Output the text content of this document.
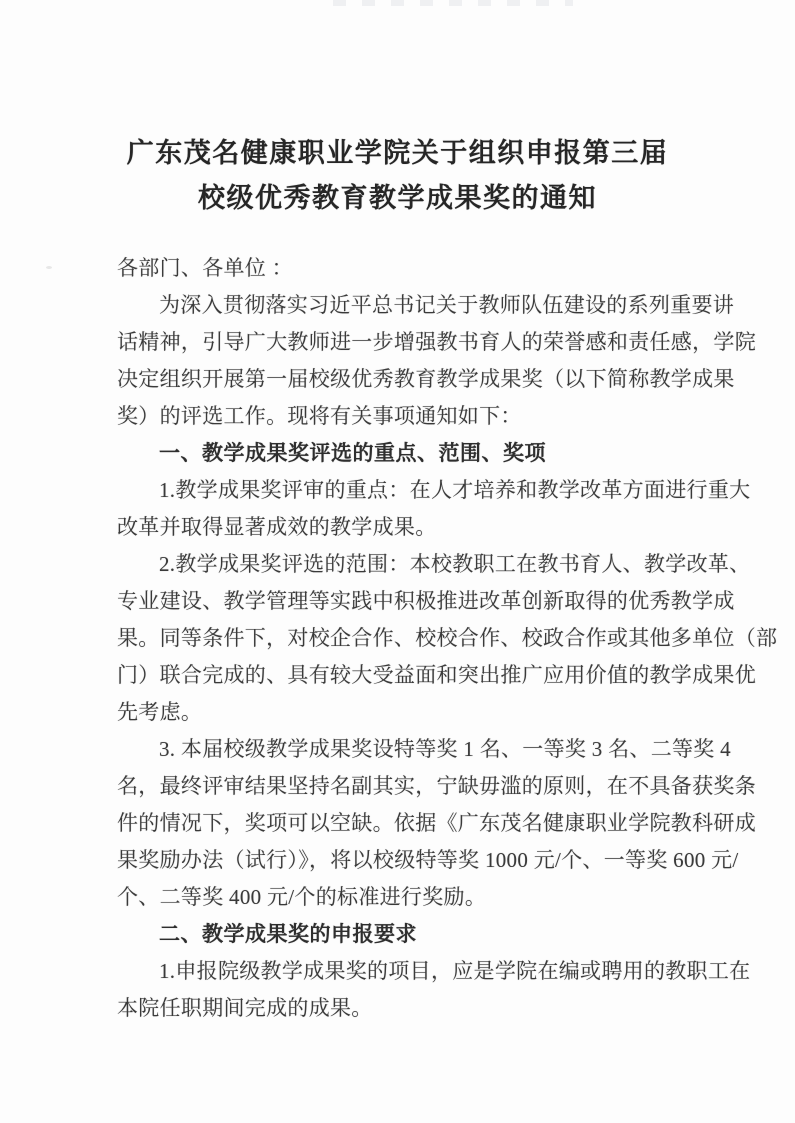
广东茂名健康职业学院关于组织申报第三届
校级优秀教育教学成果奖的通知
各部门、各单位 ：
为深入贯彻落实习近平总书记关于教师队伍建设的系列重要讲
话精神，引导广大教师进一步增强教书育人的荣誉感和责任感，学院
决定组织开展第一届校级优秀教育教学成果奖（以下简称教学成果
奖）的评选工作。现将有关事项通知如下：
一、教学成果奖评选的重点、范围、奖项
1.教学成果奖评审的重点：在人才培养和教学改革方面进行重大
改革并取得显著成效的教学成果。
2.教学成果奖评选的范围：本校教职工在教书育人、教学改革、
专业建设、教学管理等实践中积极推进改革创新取得的优秀教学成
果。同等条件下，对校企合作、校校合作、校政合作或其他多单位（部
门）联合完成的、具有较大受益面和突出推广应用价值的教学成果优
先考虑。
3. 本届校级教学成果奖设特等奖 1 名、一等奖 3 名、二等奖 4
名，最终评审结果坚持名副其实，宁缺毋滥的原则，在不具备获奖条
件的情况下，奖项可以空缺。依据《广东茂名健康职业学院教科研成
果奖励办法（试行）》，将以校级特等奖 1000 元/个、一等奖 600 元/
个、二等奖 400 元/个的标准进行奖励。
二、教学成果奖的申报要求
1.申报院级教学成果奖的项目，应是学院在编或聘用的教职工在
本院任职期间完成的成果。
